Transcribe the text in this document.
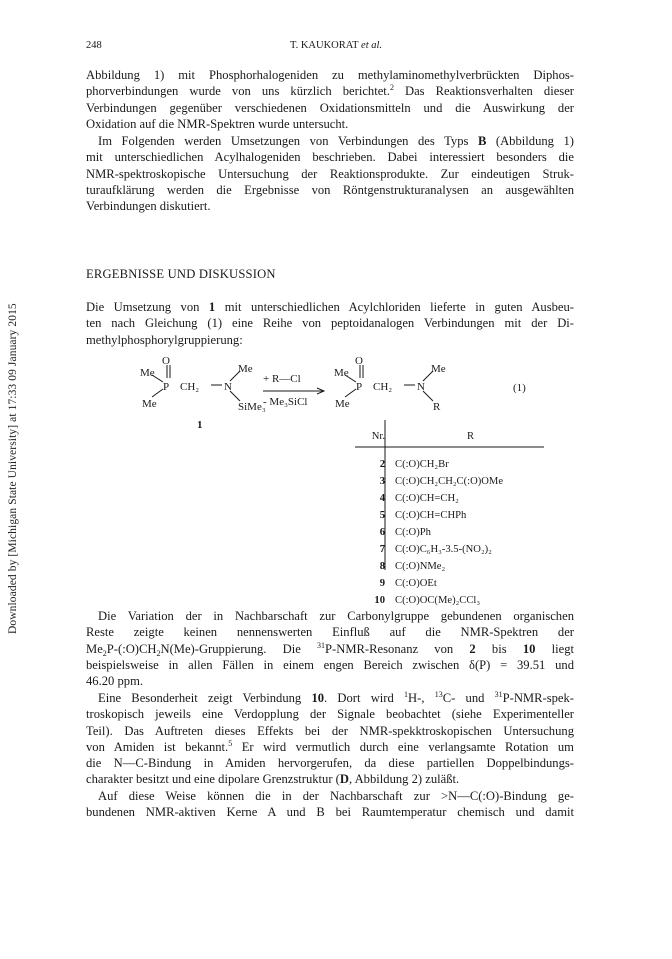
Downloaded by [Michigan State University] at 17:33 09 January 2015
248	T. KAUKORAT et al.
Abbildung 1) mit Phosphorhalogeniden zu methylaminomethylverbrückten Diphos-
phorverbindungen wurde von uns kürzlich berichtet.$^2$ Das Reaktionsverhalten dieser
Verbindungen gegenüber verschiedenen Oxidationsmitteln und die Auswirkung der
Oxidation auf die NMR-Spektren wurde untersucht.
Im Folgenden werden Umsetzungen von Verbindungen des Typs B (Abbildung 1)
mit unterschiedlichen Acylhalogeniden beschrieben. Dabei interessiert besonders die
NMR-spektroskopische Untersuchung der Reaktionsprodukte. Zur eindeutigen Struk-
turaufklärung werden die Ergebnisse von Röntgenstrukturanalysen an ausgewählten
Verbindungen diskutiert.
ERGEBNISSE UND DISKUSSION
Die Umsetzung von 1 mit unterschiedlichen Acylchloriden lieferte in guten Ausbeu-
ten nach Gleichung (1) eine Reihe von peptoidanalogen Verbindungen mit der Di-
methylphosphorylgruppierung:
Me
O
P CH₂ N
Me
Me	SiMe₃
1
+ R—Cl
- Me₃SiCl
Me
O
P CH₂ N
Me
Me	R
(1)
Nr.	R
2 C(:O)CH₂Br
3 C(:O)CH₂CH₂C(:O)OMe
4 C(:O)CH=CH₂
5 C(:O)CH=CHPh
6 C(:O)Ph
7 C(:O)C₆H₃-3.5-(NO₂)₂
8 C(:O)NMe₂
9 C(:O)OEt
10 C(:O)OC(Me)₂CCl₃
Die Variation der in Nachbarschaft zur Carbonylgruppe gebundenen organischen
Reste zeigte keinen nennenswerten Einfluß auf die NMR-Spektren der
$Me_2P-(:O)CH_2N(Me)$-Gruppierung. Die $^{31}$P-NMR-Resonanz von 2 bis 10 liegt
beispielsweise in allen Fällen in einem engen Bereich zwischen δ(P) = 39.51 und
46.20 ppm.
Eine Besonderheit zeigt Verbindung 10. Dort wird $^1$H-, $^{13}$C- und $^{31}$P-NMR-spek-
troskopisch jeweils eine Verdopplung der Signale beobachtet (siehe Experimenteller
Teil). Das Auftreten dieses Effekts bei der NMR-spekktroskopischen Untersuchung
von Amiden ist bekannt.$^5$ Er wird vermutlich durch eine verlangsamte Rotation um
die N—C-Bindung in Amiden hervorgerufen, da diese partiellen Doppelbindungs-
charakter besitzt und eine dipolare Grenzstruktur (D, Abbildung 2) zuläßt.
Auf diese Weise können die in der Nachbarschaft zur >N—C(:O)-Bindung ge-
bundenen NMR-aktiven Kerne A und B bei Raumtemperatur chemisch und damit
